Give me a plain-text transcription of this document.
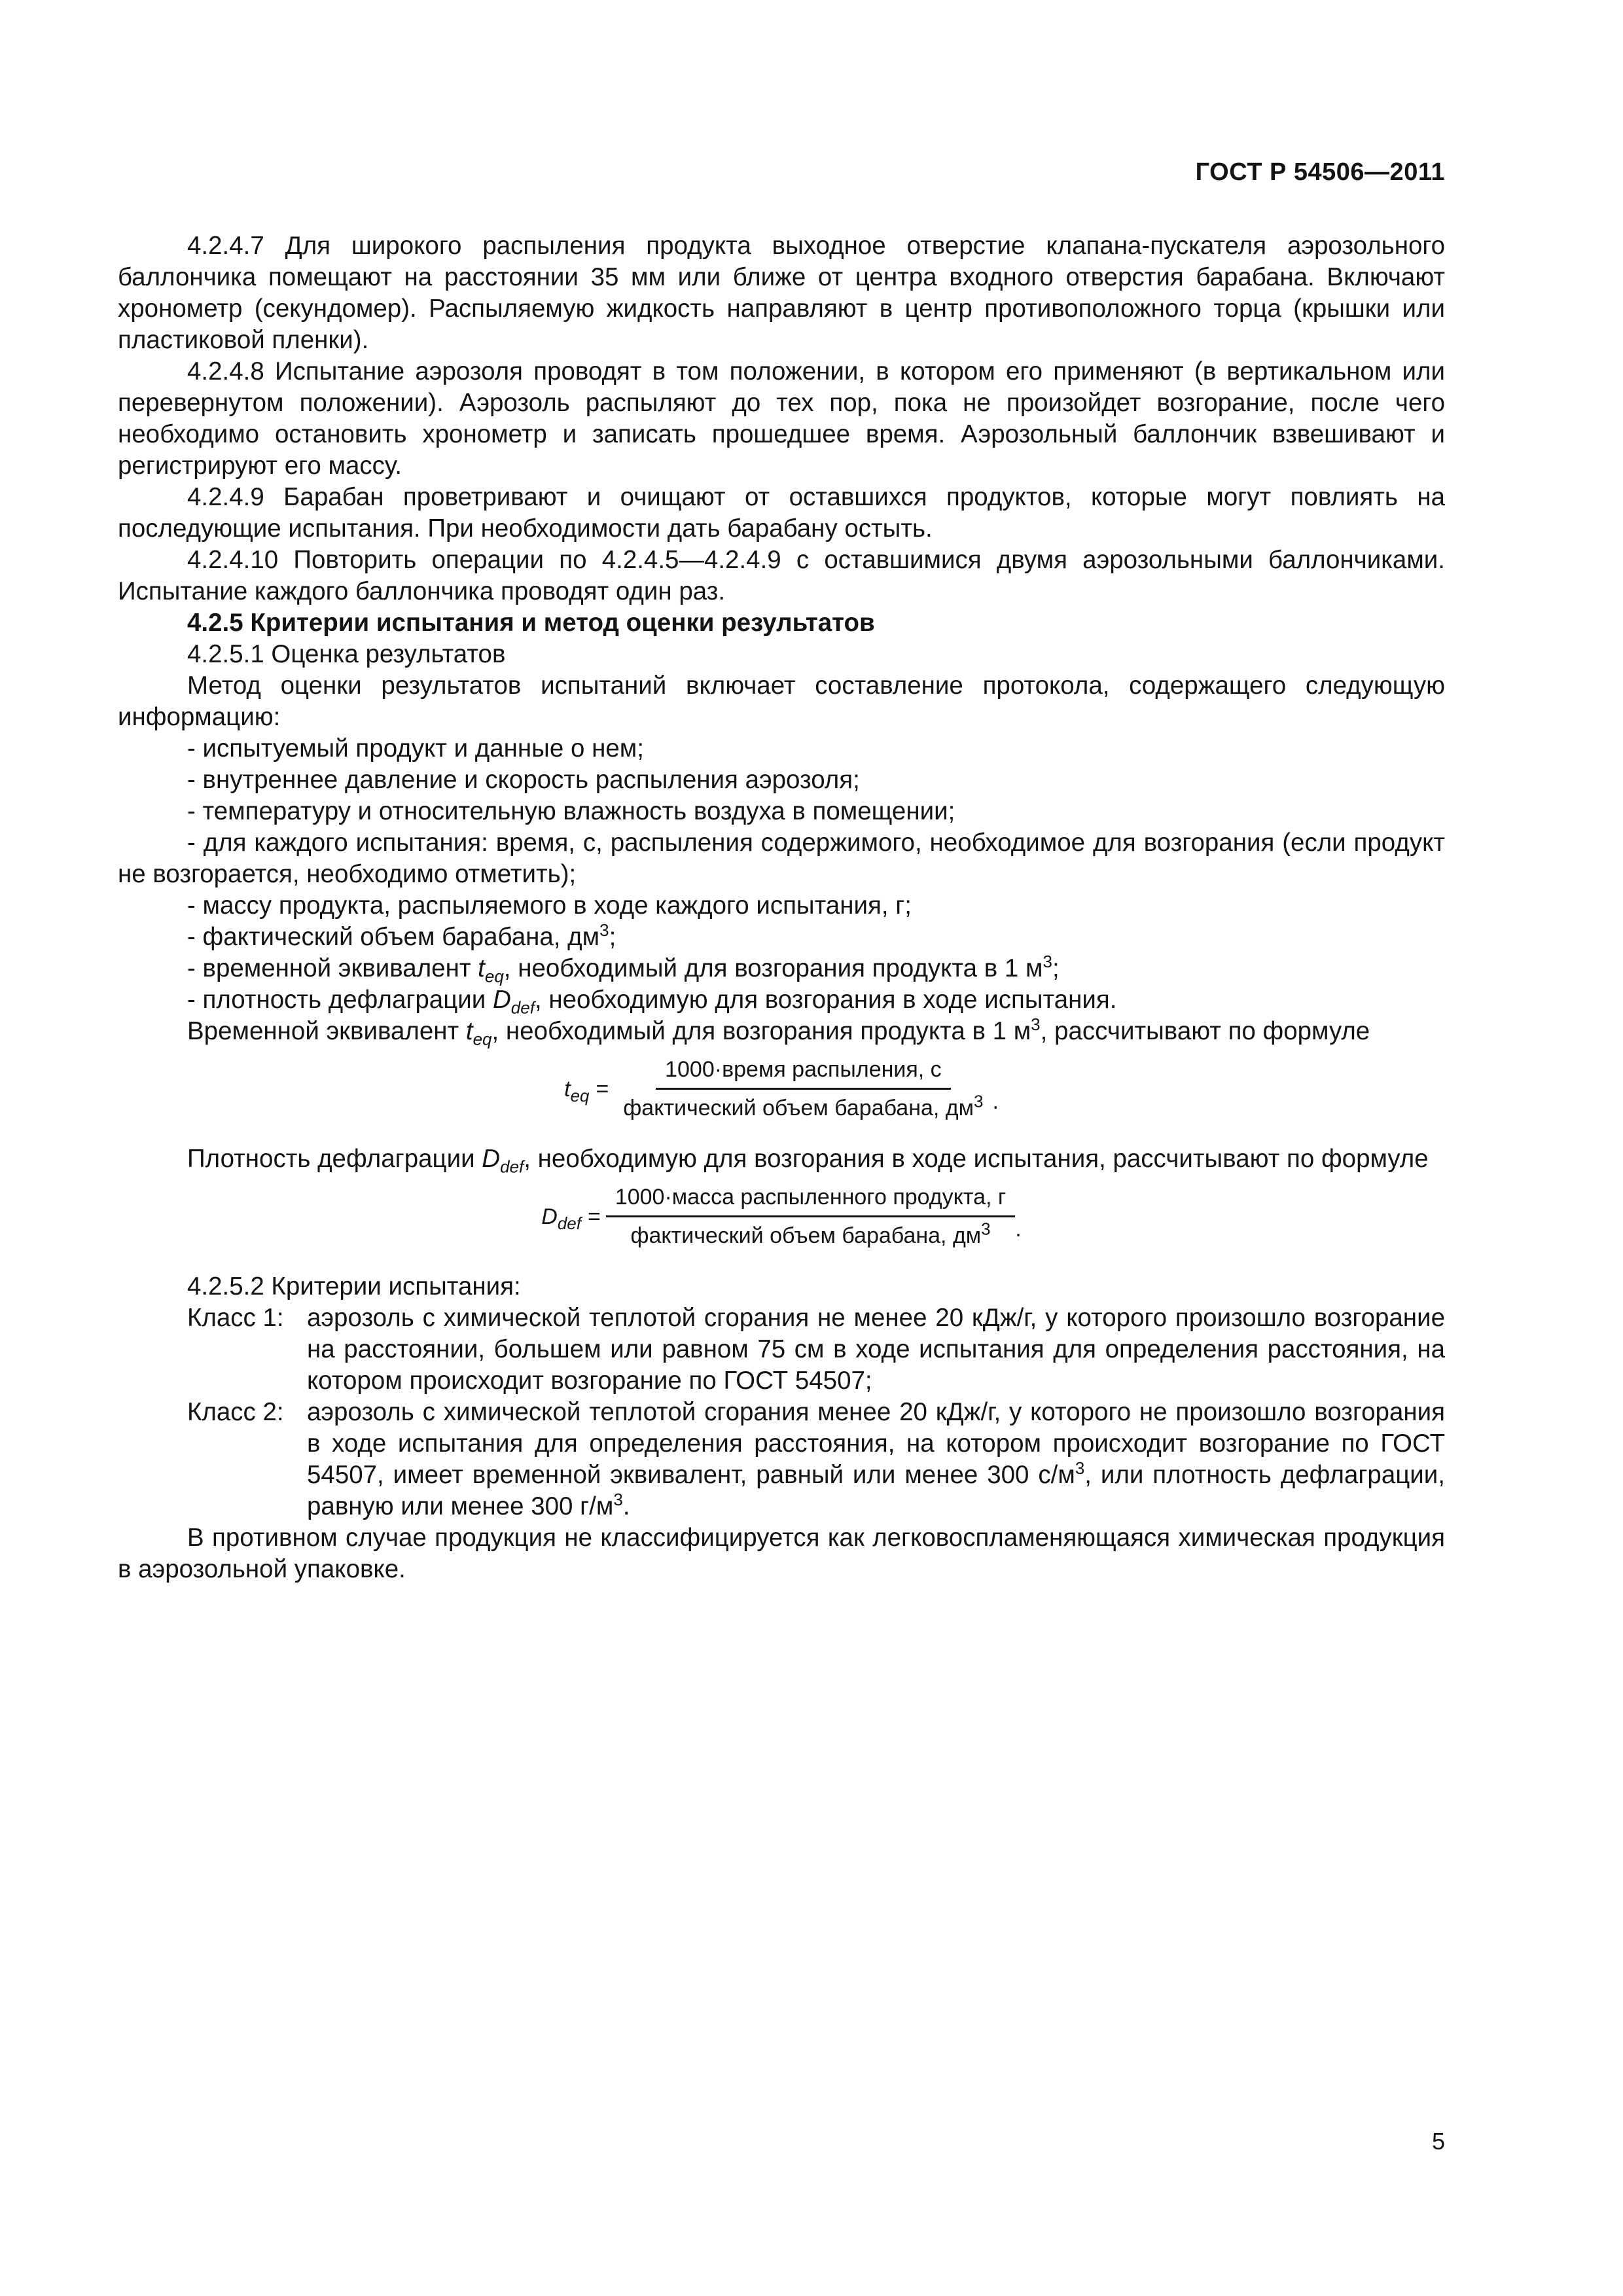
ГОСТ Р 54506—2011

4.2.4.7 Для широкого распыления продукта выходное отверстие клапана-пускателя аэрозольного баллончика помещают на расстоянии 35 мм или ближе от центра входного отверстия барабана. Включают хронометр (секундомер). Распыляемую жидкость направляют в центр противоположного торца (крышки или пластиковой пленки).

4.2.4.8 Испытание аэрозоля проводят в том положении, в котором его применяют (в вертикальном или перевернутом положении). Аэрозоль распыляют до тех пор, пока не произойдет возгорание, после чего необходимо остановить хронометр и записать прошедшее время. Аэрозольный баллончик взвешивают и регистрируют его массу.

4.2.4.9 Барабан проветривают и очищают от оставшихся продуктов, которые могут повлиять на последующие испытания. При необходимости дать барабану остыть.

4.2.4.10 Повторить операции по 4.2.4.5—4.2.4.9 с оставшимися двумя аэрозольными баллончиками. Испытание каждого баллончика проводят один раз.

4.2.5 Критерии испытания и метод оценки результатов

4.2.5.1 Оценка результатов

Метод оценки результатов испытаний включает составление протокола, содержащего следующую информацию:

- испытуемый продукт и данные о нем;

- внутреннее давление и скорость распыления аэрозоля;

- температуру и относительную влажность воздуха в помещении;

- для каждого испытания: время, с, распыления содержимого, необходимое для возгорания (если продукт не возгорается, необходимо отметить);

- массу продукта, распыляемого в ходе каждого испытания, г;

- фактический объем барабана, $дм^3$;

- временной эквивалент $t_{eq}$, необходимый для возгорания продукта в 1 $м^3$;

- плотность дефлаграции $D_{def}$, необходимую для возгорания в ходе испытания.

Временной эквивалент $t_{eq}$, необходимый для возгорания продукта в 1 $м^3$, рассчитывают по формуле

$t_{eq} = \frac{\text{1000·время распыления, с}}{фактический объем барабана, дм^3}$ .

Плотность дефлаграции $D_{def}$, необходимую для возгорания в ходе испытания, рассчитывают по формуле

$D_{def} = \frac{\text{1000·масса распыленного продукта, г}}{фактический объем барабана, дм^3}$ .

4.2.5.2 Критерии испытания:

Класс 1: аэрозоль с химической теплотой сгорания не менее 20 кДж/г, у которого произошло возгорание на расстоянии, большем или равном 75 см в ходе испытания для определения расстояния, на котором происходит возгорание по ГОСТ 54507;
Класс 2: аэрозоль с химической теплотой сгорания менее 20 кДж/г, у которого не произошло возгорания в ходе испытания для определения расстояния, на котором происходит возгорание по ГОСТ 54507, имеет временной эквивалент, равный или менее 300 $с/м^3$, или плотность дефлаграции, равную или менее 300 $г/м^3$.

В противном случае продукция не классифицируется как легковоспламеняющаяся химическая продукция в аэрозольной упаковке.

5
